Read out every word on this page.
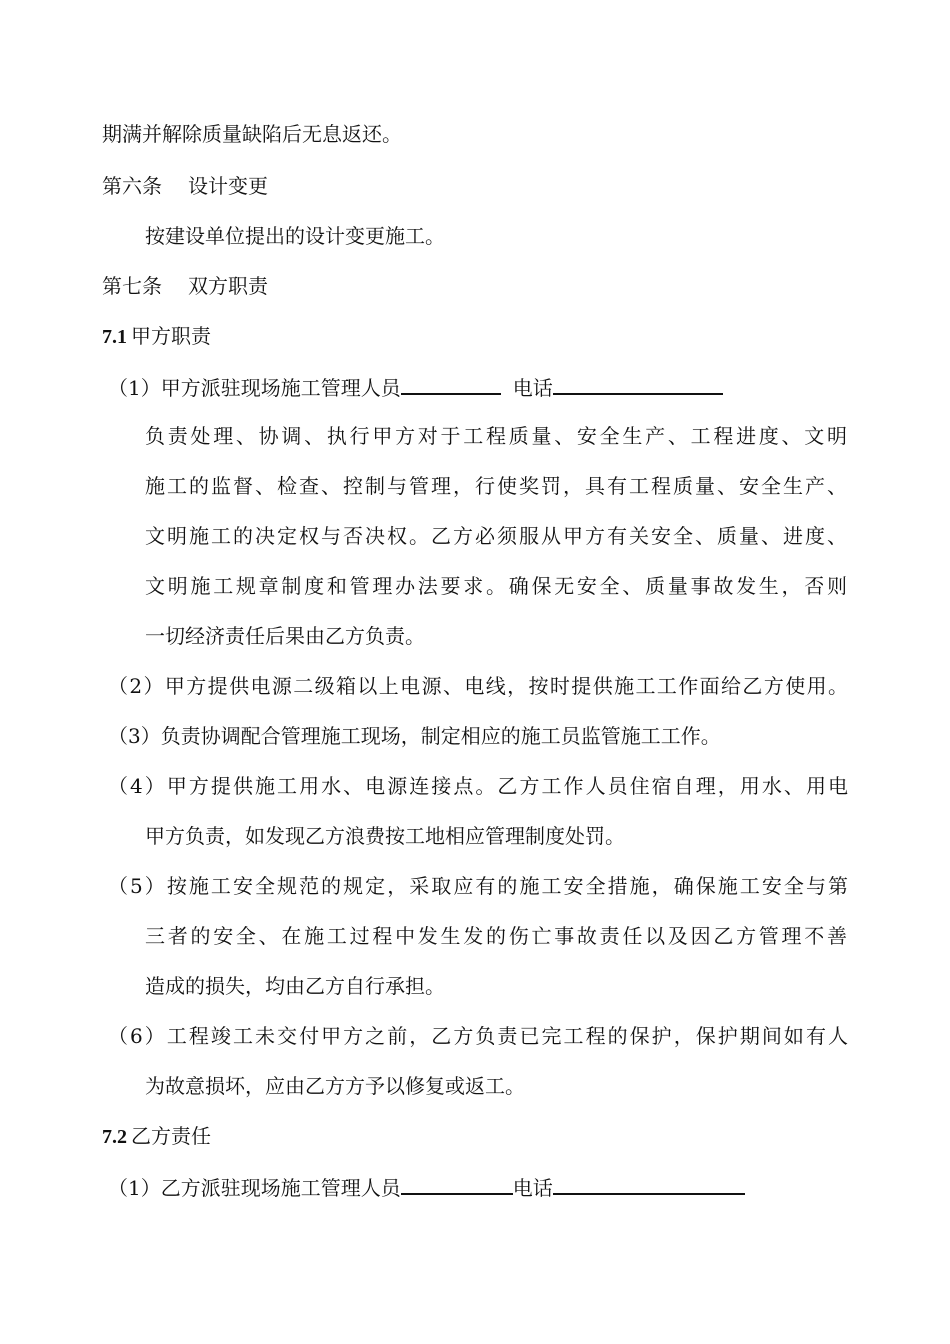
期满并解除质量缺陷后无息返还。
第六条 设计变更
按建设单位提出的设计变更施工。
第七条 双方职责
7.1 甲方职责
（1）甲方派驻现场施工管理人员	电话
负责处理、协调、执行甲方对于工程质量、安全生产、工程进度、文明
施工的监督、检查、控制与管理，行使奖罚，具有工程质量、安全生产、
文明施工的决定权与否决权。乙方必须服从甲方有关安全、质量、进度、
文明施工规章制度和管理办法要求。确保无安全、质量事故发生，否则
一切经济责任后果由乙方负责。
（2）甲方提供电源二级箱以上电源、电线，按时提供施工工作面给乙方使用。
（3）负责协调配合管理施工现场，制定相应的施工员监管施工工作。
（4）甲方提供施工用水、电源连接点。乙方工作人员住宿自理，用水、用电
甲方负责，如发现乙方浪费按工地相应管理制度处罚。
（5）按施工安全规范的规定，采取应有的施工安全措施，确保施工安全与第
三者的安全、在施工过程中发生发的伤亡事故责任以及因乙方管理不善
造成的损失，均由乙方自行承担。
（6）工程竣工未交付甲方之前，乙方负责已完工程的保护，保护期间如有人
为故意损坏，应由乙方方予以修复或返工。
7.2 乙方责任
（1）乙方派驻现场施工管理人员	电话
